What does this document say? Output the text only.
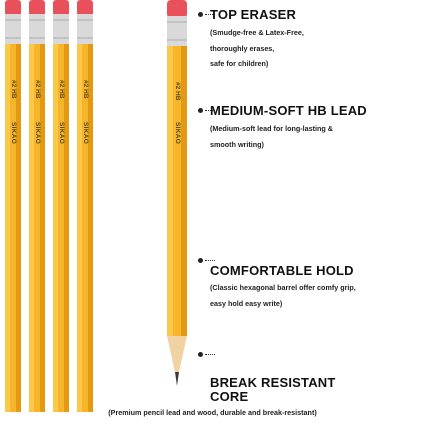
#2 HB
SIKAO
#2 HB
SIKAO
#2 HB
SIKAO
#2 HB
SIKAO
#2 HB
SIKAO
TOP ERASER
(Smudge-free & Latex-Free,
thoroughly erases,
safe for children)
MEDIUM-SOFT HB LEAD
(Medium-soft lead for long-lasting &
smooth writing)
COMFORTABLE HOLD
(Classic hexagonal barrel offer comfy grip,
easy hold easy write)
BREAK RESISTANT
CORE
(Premium pencil lead and wood, durable and break-resistant)
